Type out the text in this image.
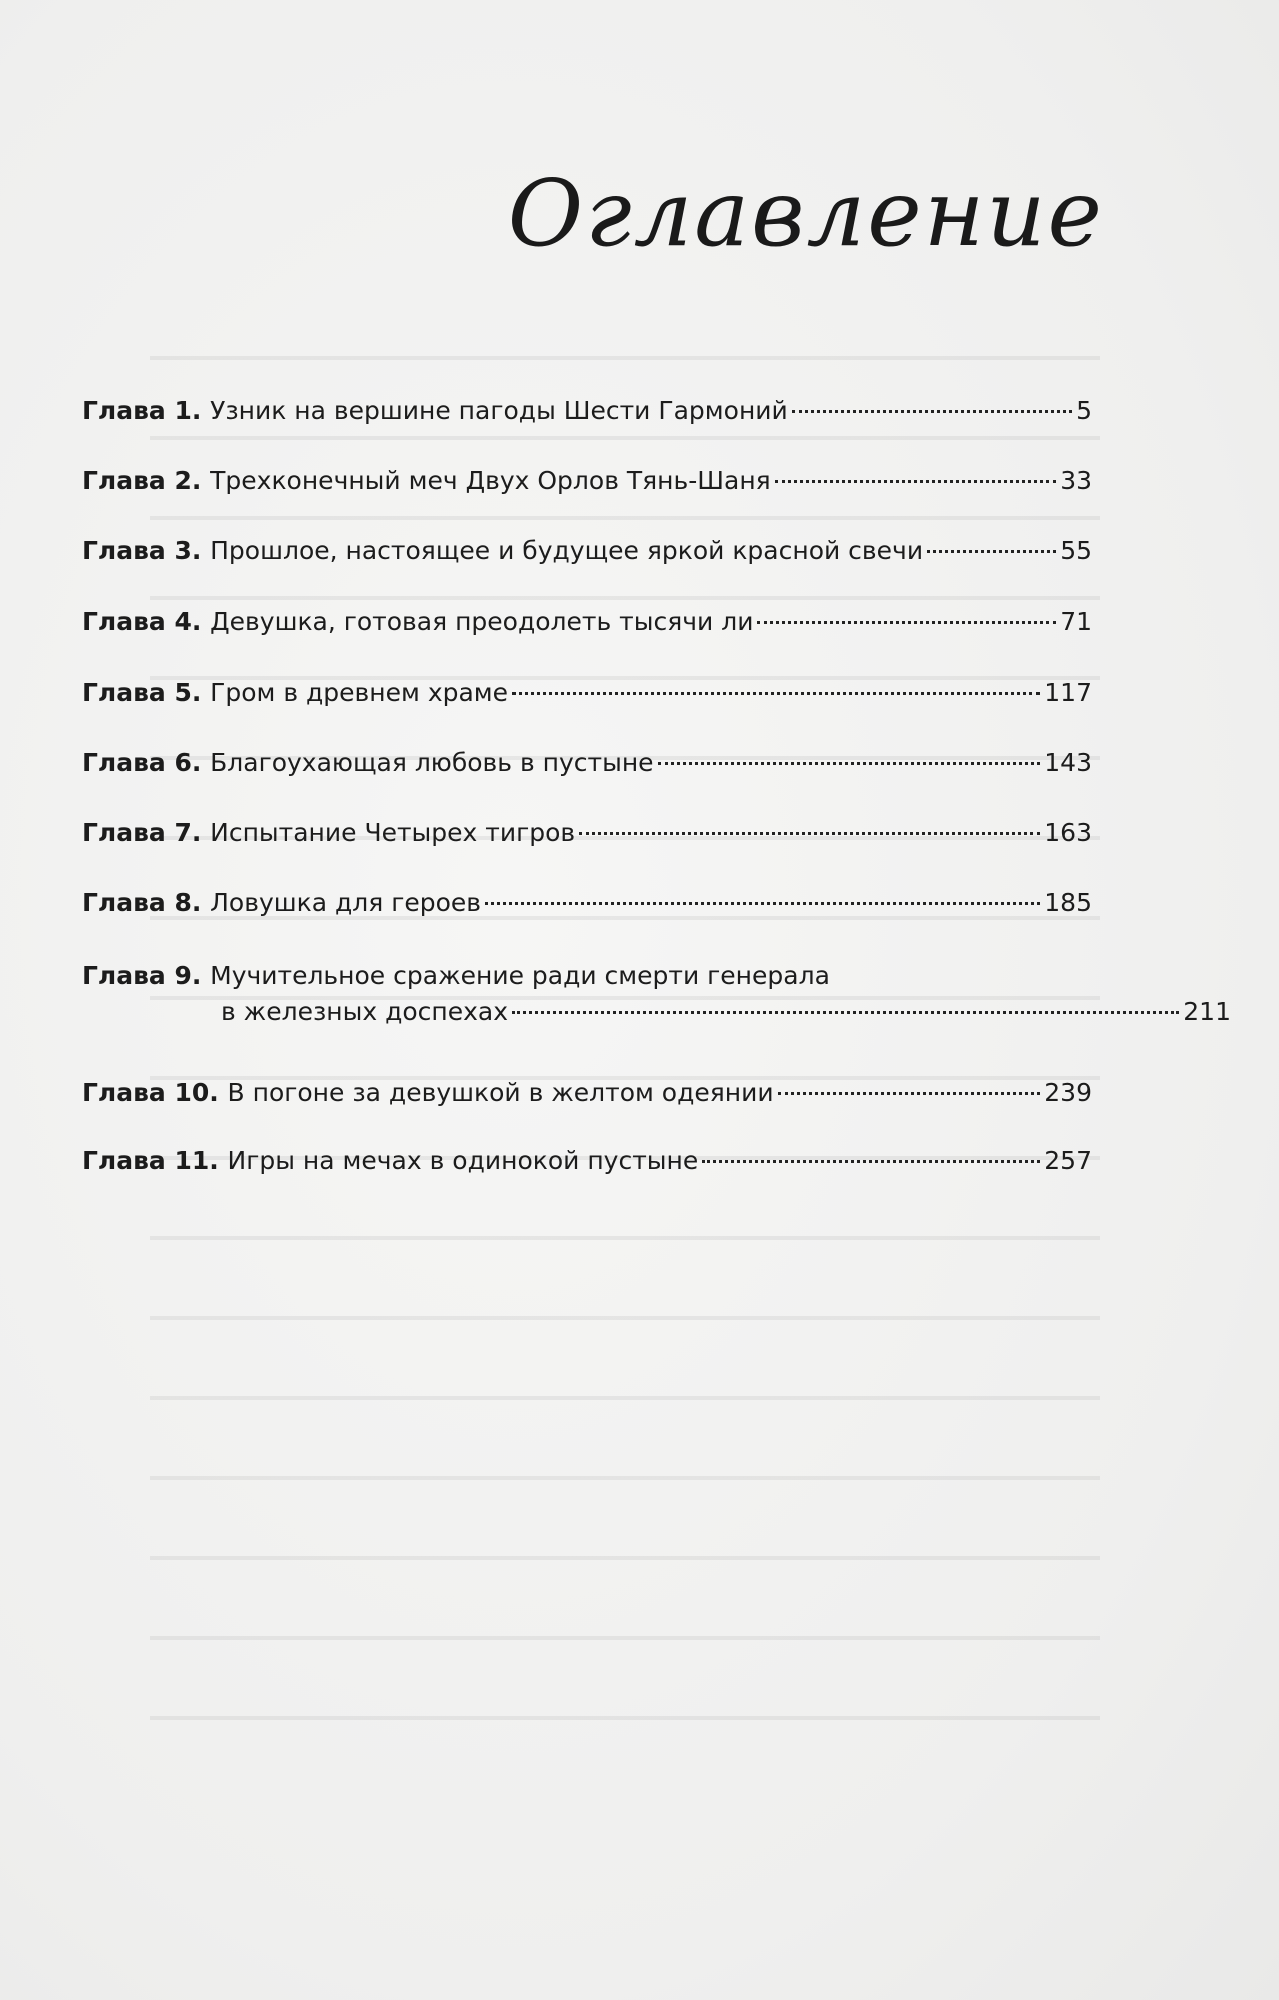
Оглавление
Глава 1.
Узник на вершине пагоды Шести Гармоний	5
Глава 2.
Трехконечный меч Двух Орлов Тянь-Шаня	33
Глава 3.
Прошлое, настоящее и будущее яркой красной свечи	55
Глава 4.
Девушка, готовая преодолеть тысячи ли	71
Глава 5.
Гром в древнем храме	117
Глава 6.
Благоухающая любовь в пустыне	143
Глава 7.
Испытание Четырех тигров	163
Глава 8.
Ловушка для героев	185
Глава 9.
Мучительное сражение ради смерти генерала
в железных доспехах	211
Глава 10.
В погоне за девушкой в желтом одеянии	239
Глава 11.
Игры на мечах в одинокой пустыне	257
